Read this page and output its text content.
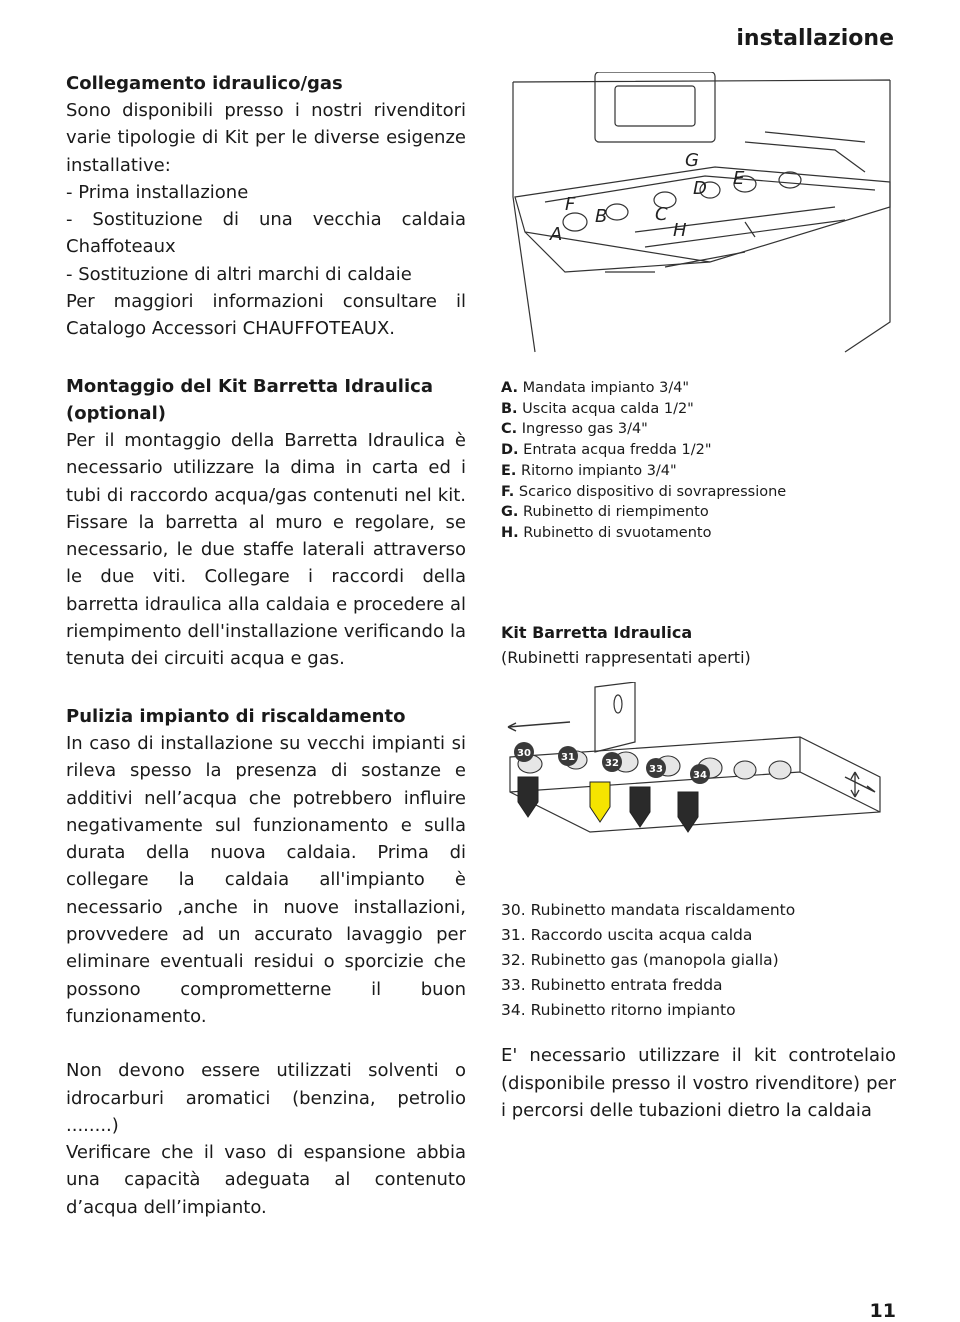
installazione
Collegamento idraulico/gas
Sono disponibili presso i nostri rivenditori
varie tipologie di Kit per le diverse esigenze
installative:
- Prima installazione
- Sostituzione di una vecchia caldaia
Chaffoteaux
- Sostituzione di altri marchi di caldaie
Per maggiori informazioni consultare il
Catalogo Accessori CHAUFFOTEAUX.
Montaggio del Kit Barretta Idraulica (optional)
Per il montaggio della Barretta Idraulica è necessario utilizzare la dima in carta ed i tubi di raccordo acqua/gas contenuti nel kit. Fissare la barretta al muro e regolare, se necessario, le due staffe laterali attraverso le due viti. Collegare i raccordi della barretta idraulica alla caldaia e procedere al riempimento dell'installazione verificando la tenuta dei circuiti acqua e gas.
Pulizia impianto di riscaldamento
In caso di installazione su vecchi impianti si rileva spesso la presenza di sostanze e additivi nell’acqua che potrebbero influire negativamente sul funzionamento e sulla durata della nuova caldaia. Prima di collegare la caldaia all'impianto è necessario ,anche in nuove installazioni, provvedere ad un accurato lavaggio per eliminare eventuali residui o sporcizie che possono comprometterne il buon funzionamento.
Non devono essere utilizzati solventi o idrocarburi aromatici (benzina, petrolio ........)
Verificare che il vaso di espansione abbia una capacità adeguata al contenuto d’acqua dell’impianto.
A
B	C
D E
F
G
H
A. Mandata impianto 3/4"
B. Uscita acqua calda 1/2"
C. Ingresso gas 3/4"
D. Entrata acqua fredda 1/2"
E. Ritorno impianto 3/4"
F. Scarico dispositivo di sovrapressione
G. Rubinetto di riempimento
H. Rubinetto di svuotamento
Kit Barretta Idraulica
(Rubinetti rappresentati aperti)
30	31
32
33
34
30. Rubinetto mandata riscaldamento
31. Raccordo uscita acqua calda
32. Rubinetto gas (manopola gialla)
33. Rubinetto entrata fredda
34. Rubinetto ritorno impianto
E' necessario utilizzare il kit controtelaio (disponibile presso il vostro rivenditore) per i percorsi delle tubazioni dietro la caldaia
11
